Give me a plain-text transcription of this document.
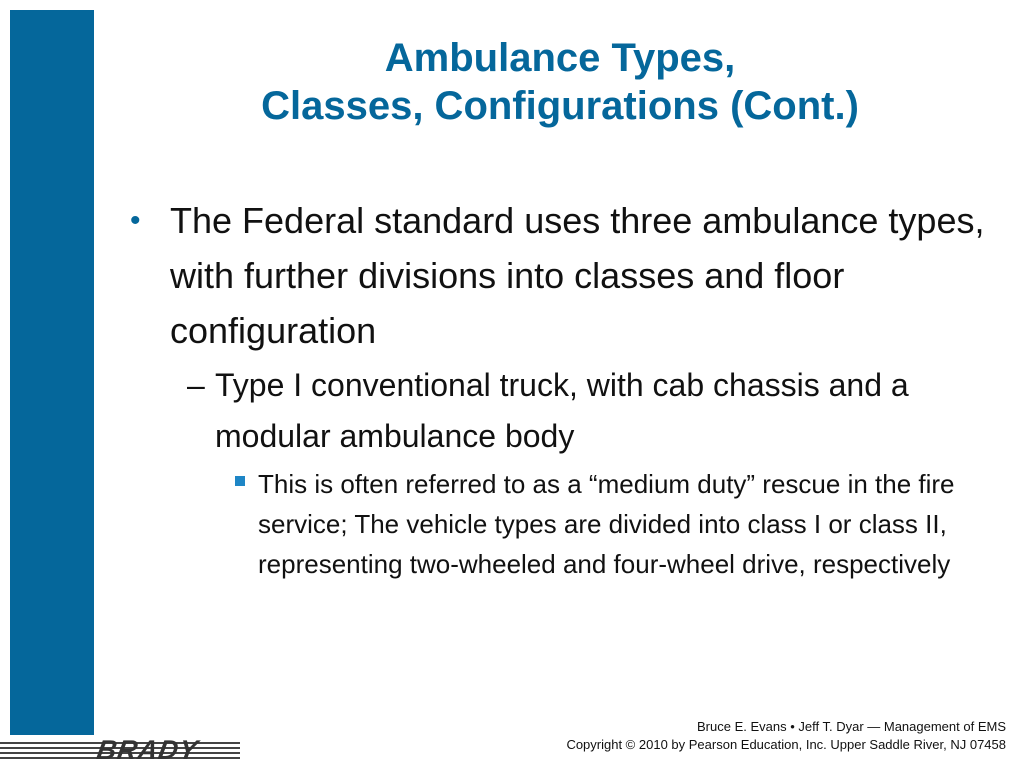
Ambulance Types,
Classes, Configurations (Cont.)
• The Federal standard uses three ambulance types, with further divisions into classes and floor configuration
– Type I conventional truck, with cab chassis and a modular ambulance body
This is often referred to as a “medium duty” rescue in the fire service; The vehicle types are divided into class I or class II, representing two-wheeled and four-wheel drive, respectively
BRADY
Bruce E. Evans • Jeff T. Dyar — Management of EMS
Copyright © 2010 by Pearson Education, Inc. Upper Saddle River, NJ 07458
